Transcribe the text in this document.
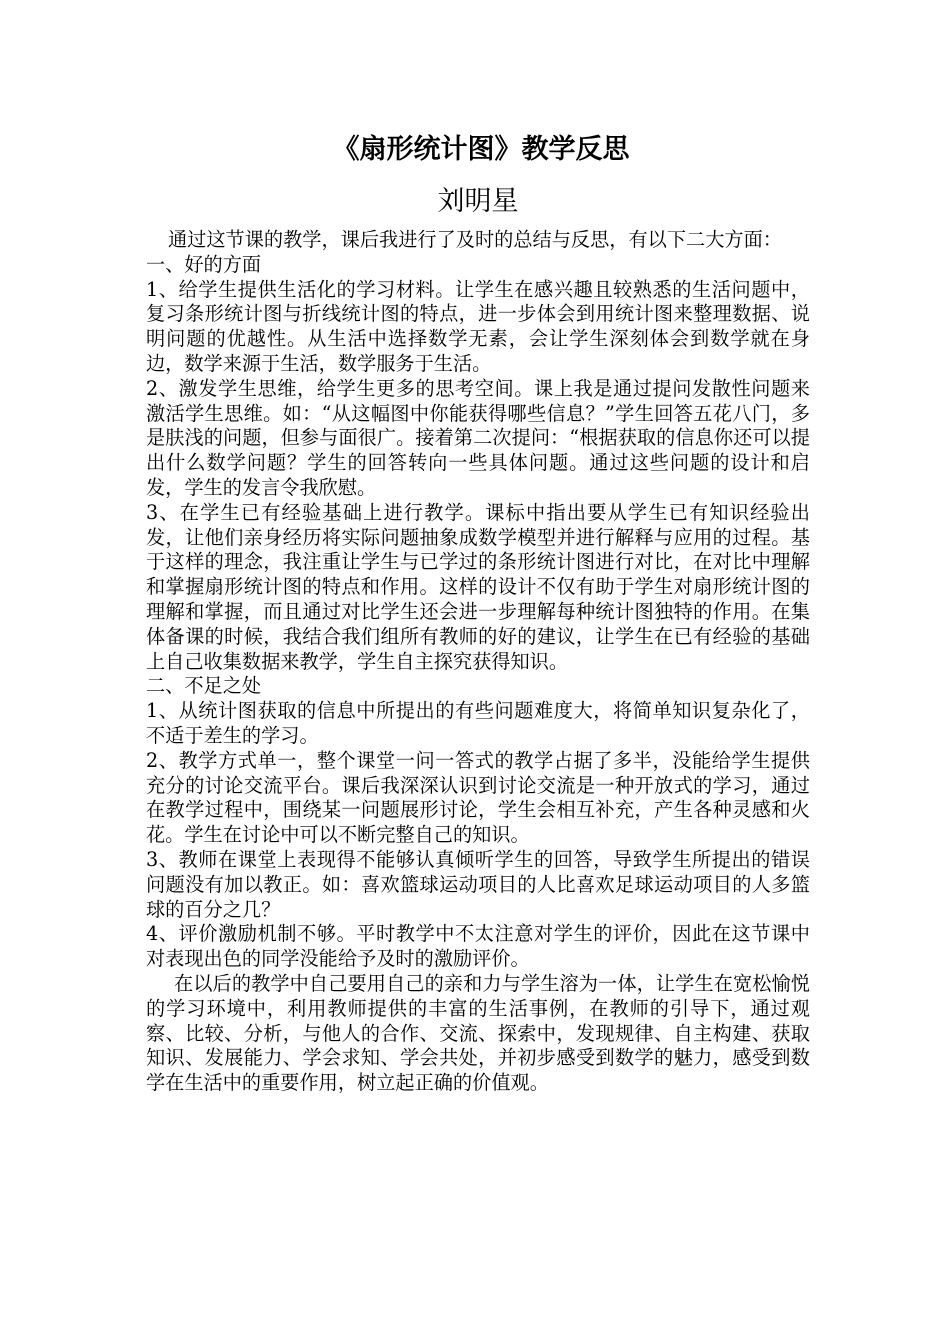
《扇形统计图》教学反思
刘明星

通过这节课的教学，课后我进行了及时的总结与反思，有以下二大方面：

一、好的方面

1、给学生提供生活化的学习材料。让学生在感兴趣且较熟悉的生活问题中，复习条形统计图与折线统计图的特点，进一步体会到用统计图来整理数据、说明问题的优越性。从生活中选择数学无素，会让学生深刻体会到数学就在身边，数学来源于生活，数学服务于生活。

2、激发学生思维，给学生更多的思考空间。课上我是通过提问发散性问题来激活学生思维。如：“从这幅图中你能获得哪些信息？”学生回答五花八门，多是肤浅的问题，但参与面很广。接着第二次提问：“根据获取的信息你还可以提出什么数学问题？学生的回答转向一些具体问题。通过这些问题的设计和启发，学生的发言令我欣慰。

3、在学生已有经验基础上进行教学。课标中指出要从学生已有知识经验出发，让他们亲身经历将实际问题抽象成数学模型并进行解释与应用的过程。基于这样的理念，我注重让学生与已学过的条形统计图进行对比，在对比中理解和掌握扇形统计图的特点和作用。这样的设计不仅有助于学生对扇形统计图的理解和掌握，而且通过对比学生还会进一步理解每种统计图独特的作用。在集体备课的时候，我结合我们组所有教师的好的建议，让学生在已有经验的基础上自己收集数据来教学，学生自主探究获得知识。

二、不足之处

1、从统计图获取的信息中所提出的有些问题难度大，将简单知识复杂化了，不适于差生的学习。

2、教学方式单一，整个课堂一问一答式的教学占据了多半，没能给学生提供充分的讨论交流平台。课后我深深认识到讨论交流是一种开放式的学习，通过在教学过程中，围绕某一问题展形讨论，学生会相互补充，产生各种灵感和火花。学生在讨论中可以不断完整自己的知识。

3、教师在课堂上表现得不能够认真倾听学生的回答，导致学生所提出的错误问题没有加以教正。如：喜欢篮球运动项目的人比喜欢足球运动项目的人多篮球的百分之几？

4、评价激励机制不够。平时教学中不太注意对学生的评价，因此在这节课中对表现出色的同学没能给予及时的激励评价。

在以后的教学中自己要用自己的亲和力与学生溶为一体，让学生在宽松愉悦的学习环境中，利用教师提供的丰富的生活事例，在教师的引导下，通过观察、比较、分析，与他人的合作、交流、探索中，发现规律、自主构建、获取知识、发展能力、学会求知、学会共处，并初步感受到数学的魅力，感受到数学在生活中的重要作用，树立起正确的价值观。
